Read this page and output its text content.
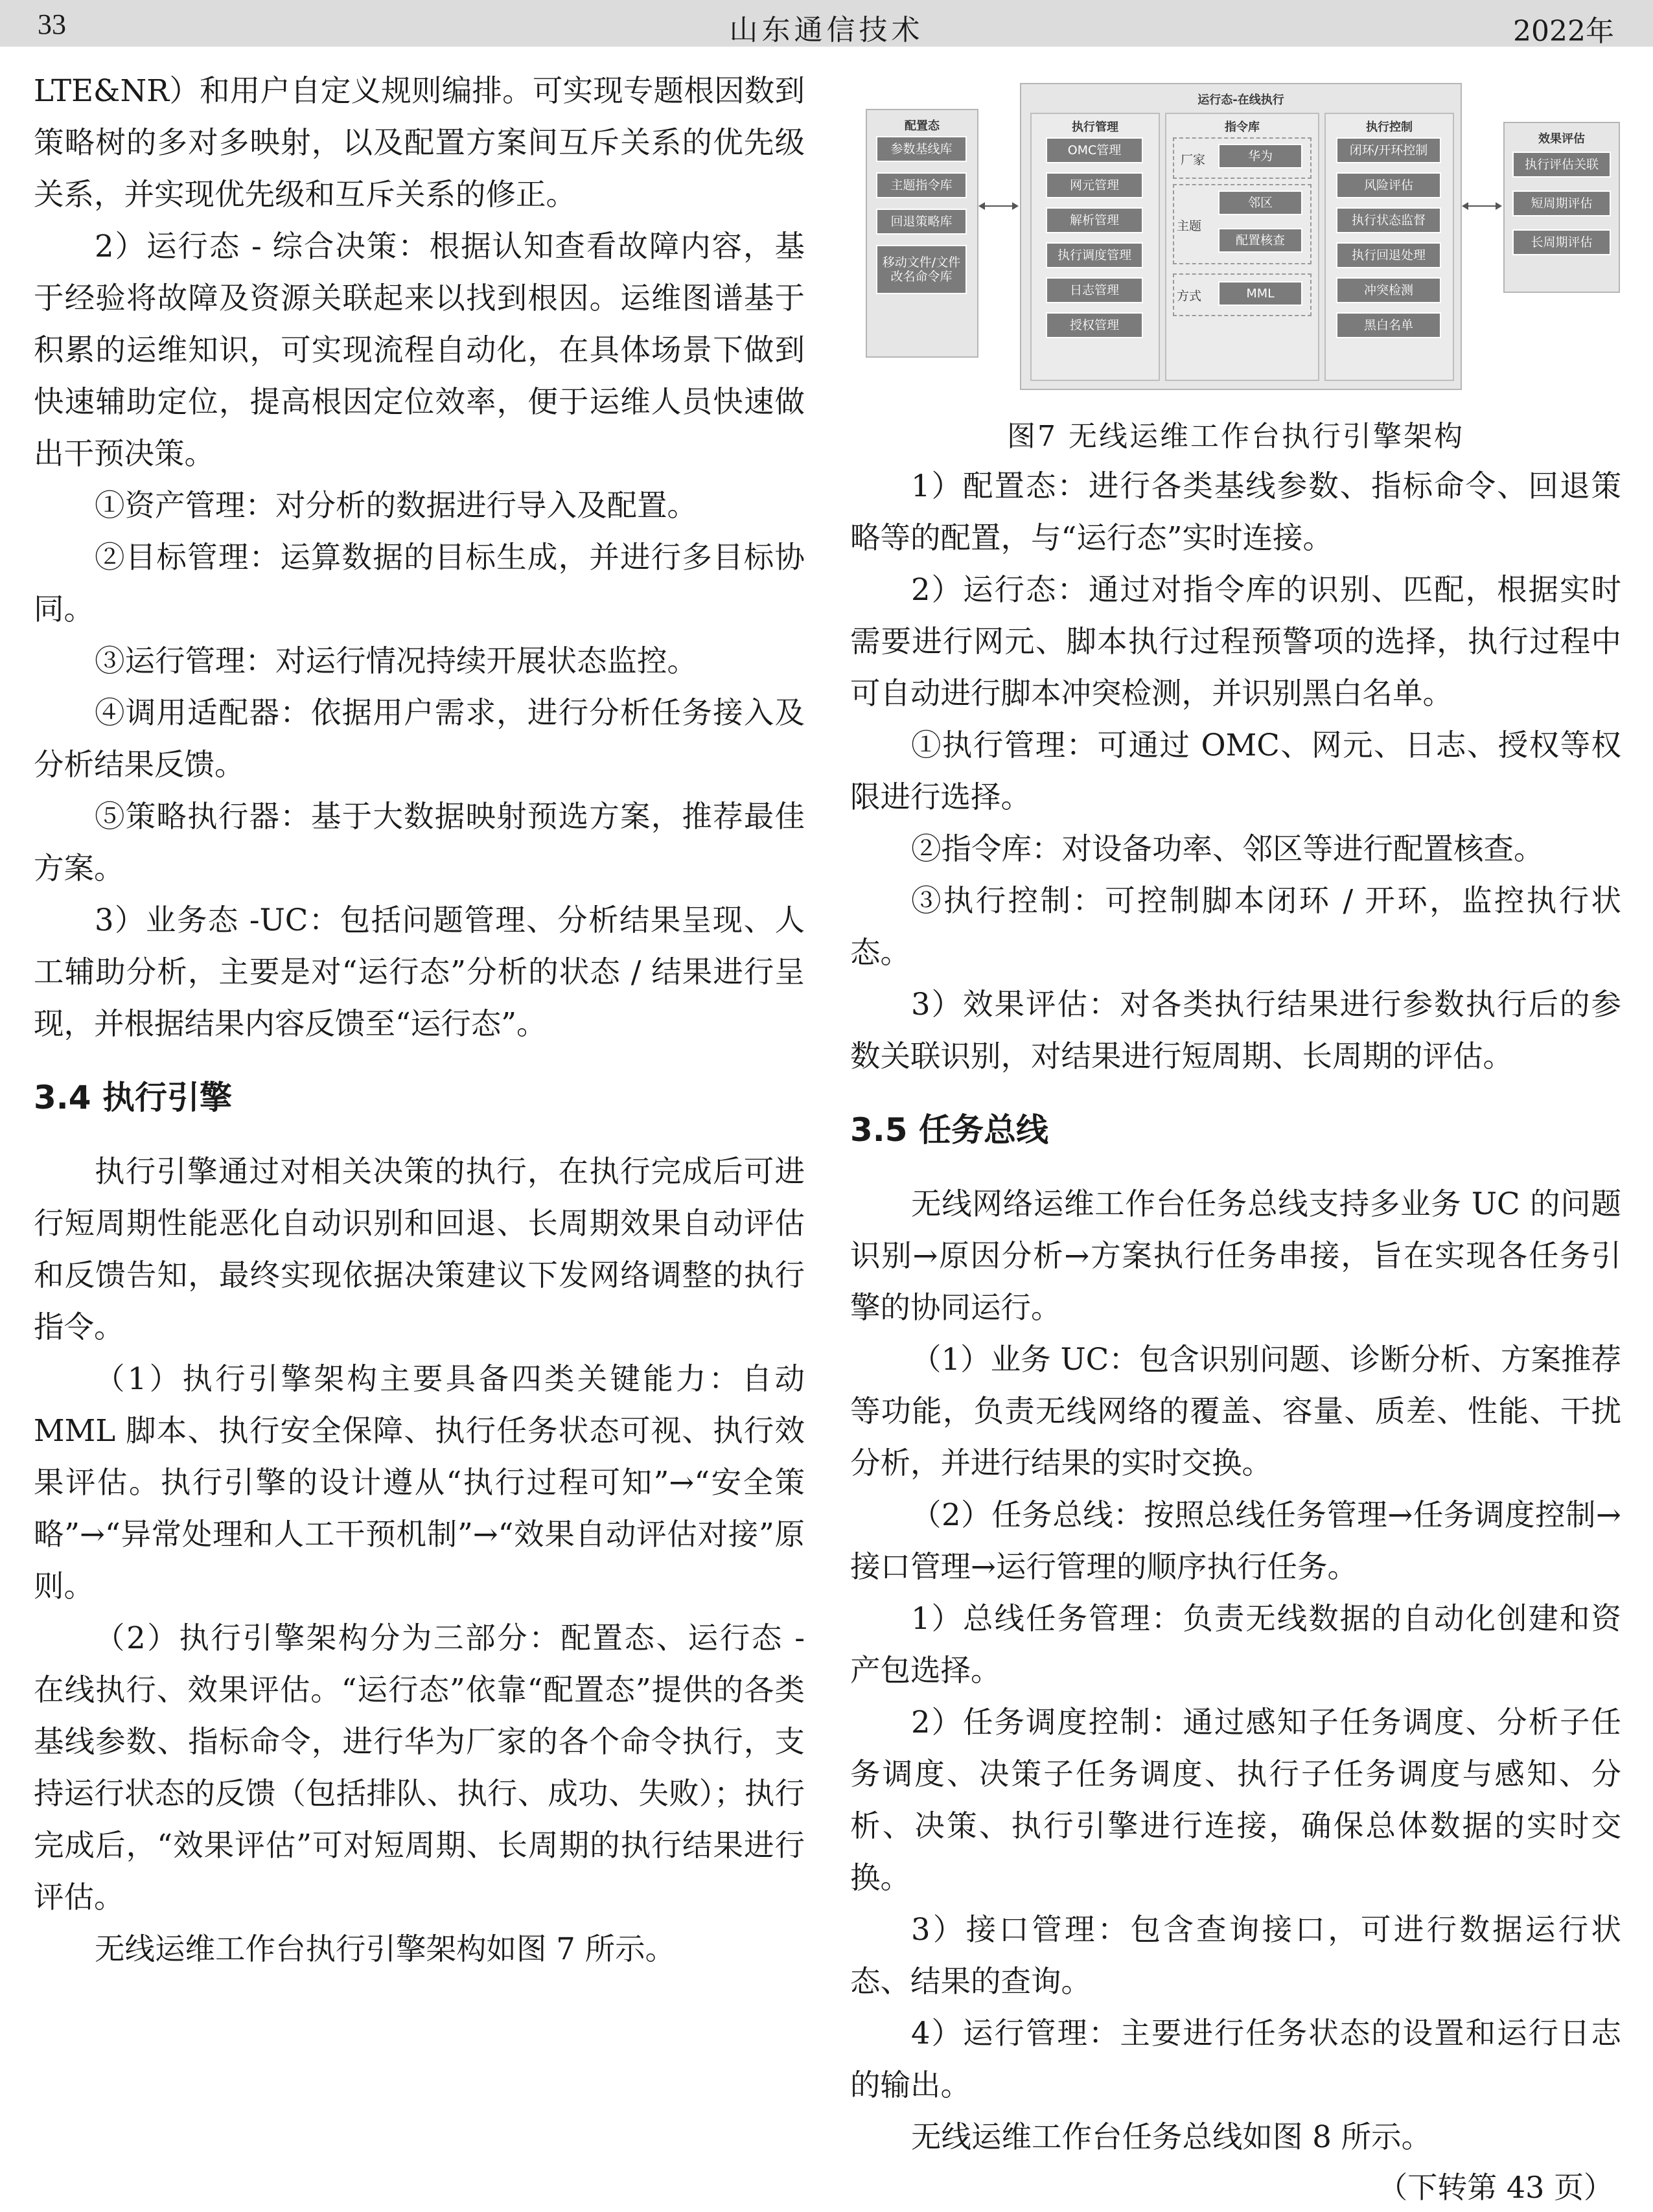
33	山东通信技术	2022年

LTE&NR）和用户自定义规则编排。可实现专题根因数到策略树的多对多映射，以及配置方案间互斥关系的优先级关系，并实现优先级和互斥关系的修正。

2）运行态 - 综合决策：根据认知查看故障内容，基于经验将故障及资源关联起来以找到根因。运维图谱基于积累的运维知识，可实现流程自动化，在具体场景下做到快速辅助定位，提高根因定位效率，便于运维人员快速做出干预决策。

①资产管理：对分析的数据进行导入及配置。

②目标管理：运算数据的目标生成，并进行多目标协同。

③运行管理：对运行情况持续开展状态监控。

④调用适配器：依据用户需求，进行分析任务接入及分析结果反馈。

⑤策略执行器：基于大数据映射预选方案，推荐最佳方案。

3）业务态 -UC：包括问题管理、分析结果呈现、人工辅助分析，主要是对“运行态”分析的状态 / 结果进行呈现，并根据结果内容反馈至“运行态”。

3.4 执行引擎

执行引擎通过对相关决策的执行，在执行完成后可进行短周期性能恶化自动识别和回退、长周期效果自动评估和反馈告知，最终实现依据决策建议下发网络调整的执行指令。

（1）执行引擎架构主要具备四类关键能力：自动MML 脚本、执行安全保障、执行任务状态可视、执行效果评估。执行引擎的设计遵从“执行过程可知”→“安全策略”→“异常处理和人工干预机制”→“效果自动评估对接”原则。

（2）执行引擎架构分为三部分：配置态、运行态 - 在线执行、效果评估。“运行态”依靠“配置态”提供的各类基线参数、指标命令，进行华为厂家的各个命令执行，支持运行状态的反馈（包括排队、执行、成功、失败）；执行完成后，“效果评估”可对短周期、长周期的执行结果进行评估。

无线运维工作台执行引擎架构如图 7 所示。

配置态
参数基线库
主题指令库
回退策略库
移动文件/文件改名命令库
运行态-在线执行
执行管理
OMC管理
网元管理
解析管理
执行调度管理
日志管理
授权管理
指令库
厂家	华为
主题
邻区
配置核查
方式	MML
执行控制
闭环/开环控制
风险评估
执行状态监督
执行回退处理
冲突检测
黑白名单
效果评估
执行评估关联
短周期评估
长周期评估

图7 无线运维工作台执行引擎架构

1）配置态：进行各类基线参数、指标命令、回退策略等的配置，与“运行态”实时连接。

2）运行态：通过对指令库的识别、匹配，根据实时需要进行网元、脚本执行过程预警项的选择，执行过程中可自动进行脚本冲突检测，并识别黑白名单。

①执行管理：可通过 OMC、网元、日志、授权等权限进行选择。

②指令库：对设备功率、邻区等进行配置核查。

③执行控制：可控制脚本闭环 / 开环，监控执行状态。

3）效果评估：对各类执行结果进行参数执行后的参数关联识别，对结果进行短周期、长周期的评估。

3.5 任务总线

无线网络运维工作台任务总线支持多业务 UC 的问题识别→原因分析→方案执行任务串接，旨在实现各任务引擎的协同运行。

（1）业务 UC：包含识别问题、诊断分析、方案推荐等功能，负责无线网络的覆盖、容量、质差、性能、干扰分析，并进行结果的实时交换。

（2）任务总线：按照总线任务管理→任务调度控制→接口管理→运行管理的顺序执行任务。

1）总线任务管理：负责无线数据的自动化创建和资产包选择。

2）任务调度控制：通过感知子任务调度、分析子任务调度、决策子任务调度、执行子任务调度与感知、分析、决策、执行引擎进行连接，确保总体数据的实时交换。

3）接口管理：包含查询接口，可进行数据运行状态、结果的查询。

4）运行管理：主要进行任务状态的设置和运行日志的输出。

无线运维工作台任务总线如图 8 所示。

（下转第 43 页）
